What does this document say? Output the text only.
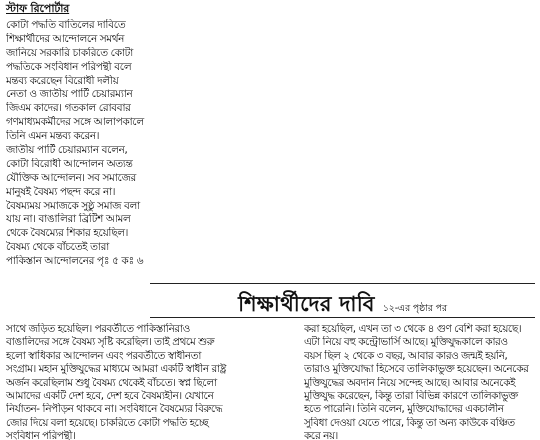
স্টাফ রিপোর্টার
কোটা পদ্ধতি বাতিলের দাবিতে
শিক্ষার্থীদের আন্দোলনে সমর্থন
জানিয়ে সরকারি চাকরিতে কোটা
পদ্ধতিকে সংবিধান পরিপন্থী বলে
মন্তব্য করেছেন বিরোধী দলীয়
নেতা ও জাতীয় পার্টি চেয়ারম্যান
জিএম কাদের। গতকাল রোববার
গণমাধ্যমকর্মীদের সঙ্গে আলাপকালে
তিনি এমন মন্তব্য করেন।
জাতীয় পার্টি চেয়ারম্যান বলেন,
কোটা বিরোধী আন্দোলন অত্যন্ত
যৌক্তিক আন্দোলন। সব সমাজের
মানুষই বৈষম্য পছন্দ করে না।
বৈষম্যময় সমাজকে সুষ্ঠু সমাজ বলা
যায় না। বাঙালিরা ব্রিটিশ আমল
থেকে বৈষম্যের শিকার হয়েছিল।
বৈষম্য থেকে বাঁচতেই তারা
পাকিস্তান আন্দোলনের পৃঃ ৫ কঃ ৬
শিক্ষার্থীদের দাবি ১২-এর পৃষ্ঠার পর
সাথে জড়িত হয়েছিল। পরবর্তীতে পাকিস্তানিরাও
বাঙালিদের সঙ্গে বৈষম্য সৃষ্টি করেছিল। তাই প্রথমে শুরু
হলো স্বাধিকার আন্দোলন এবং পরবর্তীতে স্বাধীনতা
সংগ্রাম। মহান মুক্তিযুদ্ধের মাধ্যমে আমরা একটি স্বাধীন রাষ্ট্র
অর্জন করেছিলাম শুধু বৈষম্য থেকেই বাঁচতে। স্বপ্ন ছিলো
আমাদের একটি দেশ হবে, দেশ হবে বৈষম্যহীন। যেখানে
নির্যাতন- নিপীড়ন থাকবে না। সংবিধানে বৈষম্যের বিরুদ্ধে
জোর দিয়ে বলা হয়েছে। চাকরিতে কোটা পদ্ধতি হচ্ছে
সংবিধান পরিপন্থী।
করা হয়েছিল, এখন তা ৩ থেকে ৪ গুণ বেশি করা হয়েছে।
এটা নিয়ে বহু কন্ট্রোভার্সি আছে। মুক্তিযুদ্ধকালে কারও
বয়স ছিল ২ থেকে ৩ বছর, আবার কারও জন্মই হয়নি,
তারাও মুক্তিযোদ্ধা হিসেবে তালিকাভুক্ত হয়েছেন। অনেকের
মুক্তিযুদ্ধের অবদান নিয়ে সন্দেহ আছে। আবার অনেকেই
মুক্তিযুদ্ধ করেছেন, কিন্তু তারা বিভিন্ন কারণে তালিকাভুক্ত
হতে পারেনি। তিনি বলেন, মুক্তিযোদ্ধাদের একচালীন
সুবিধা দেওয়া যেতে পারে, কিন্তু তা অন্য কাউকে বঞ্চিত
করে নয়।
